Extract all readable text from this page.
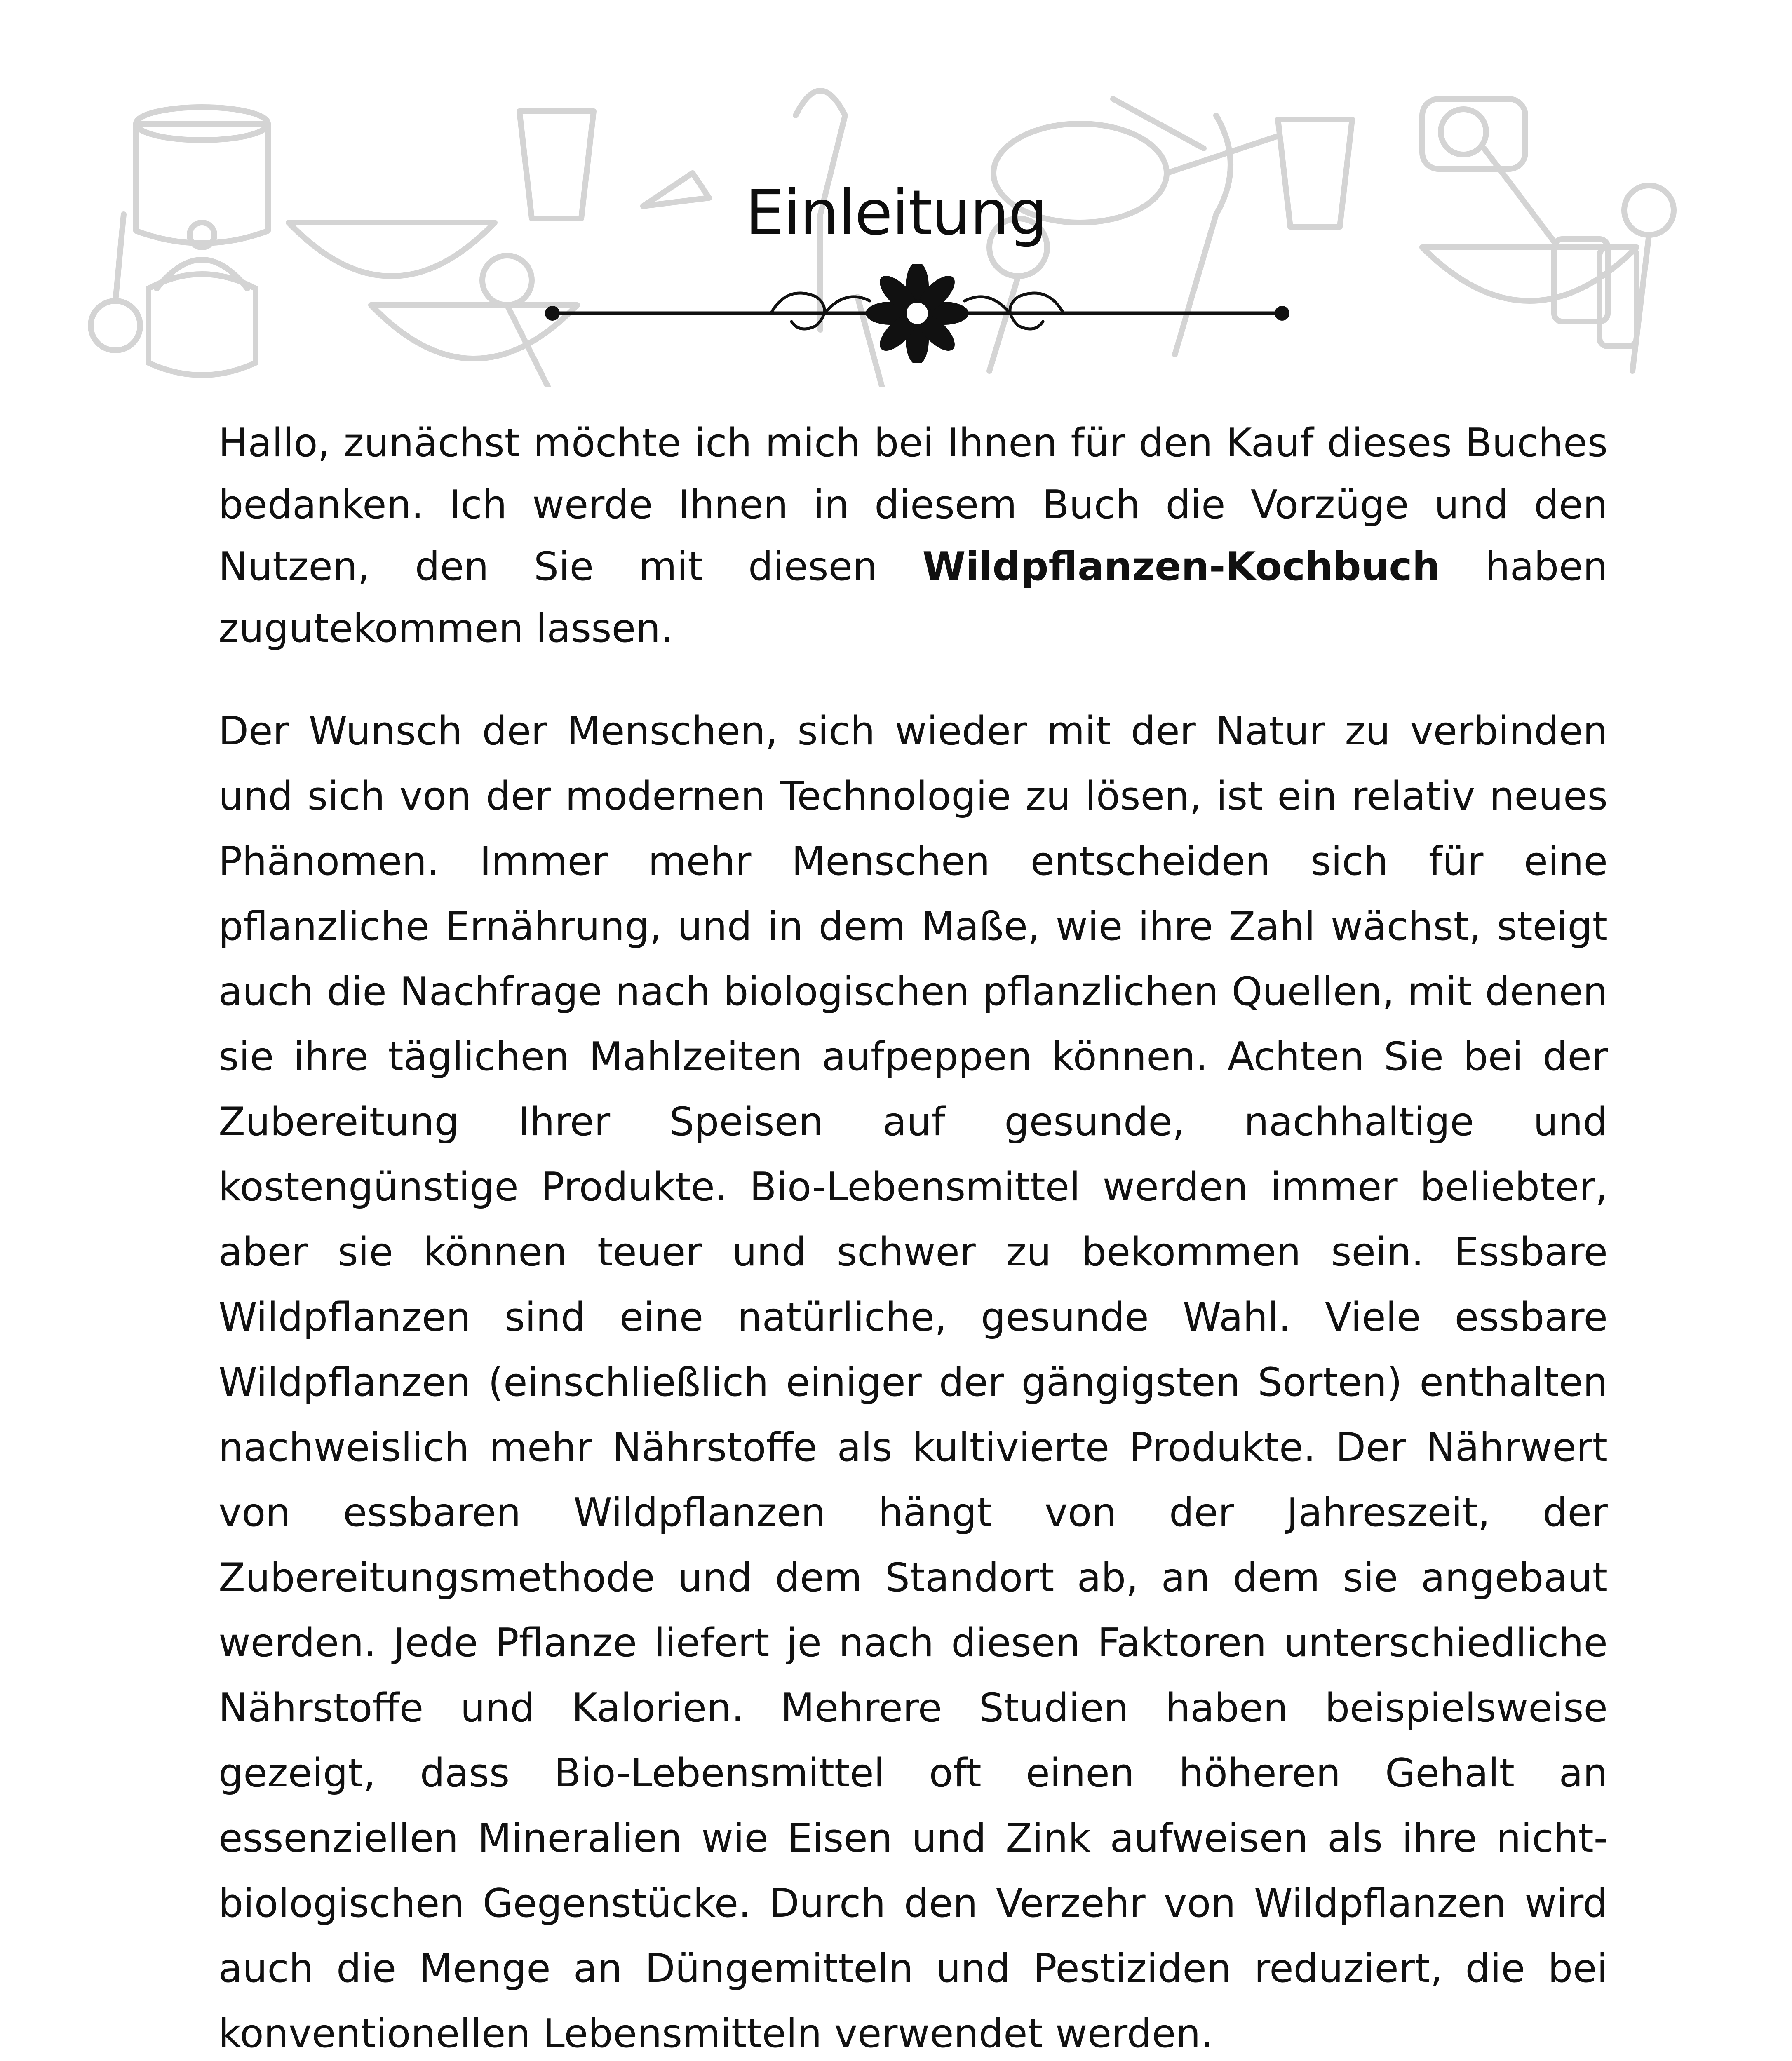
Einleitung

Hallo, zunächst möchte ich mich bei Ihnen für den Kauf dieses Buches bedanken. Ich werde Ihnen in diesem Buch die Vorzüge und den Nutzen, den Sie mit diesen Wildpflanzen-Kochbuch haben zugutekommen lassen.

Der Wunsch der Menschen, sich wieder mit der Natur zu verbinden und sich von der modernen Technologie zu lösen, ist ein relativ neues Phänomen. Immer mehr Menschen entscheiden sich für eine pflanzliche Ernährung, und in dem Maße, wie ihre Zahl wächst, steigt auch die Nachfrage nach biologischen pflanzlichen Quellen, mit denen sie ihre täglichen Mahlzeiten aufpeppen können. Achten Sie bei der Zubereitung Ihrer Speisen auf gesunde, nachhaltige und kostengünstige Produkte. Bio-Lebensmittel werden immer beliebter, aber sie können teuer und schwer zu bekommen sein. Essbare Wildpflanzen sind eine natürliche, gesunde Wahl. Viele essbare Wildpflanzen (einschließlich einiger der gängigsten Sorten) enthalten nachweislich mehr Nährstoffe als kultivierte Produkte. Der Nährwert von essbaren Wildpflanzen hängt von der Jahreszeit, der Zubereitungsmethode und dem Standort ab, an dem sie angebaut werden. Jede Pflanze liefert je nach diesen Faktoren unterschiedliche Nährstoffe und Kalorien. Mehrere Studien haben beispielsweise gezeigt, dass Bio-Lebensmittel oft einen höheren Gehalt an essenziellen Mineralien wie Eisen und Zink aufweisen als ihre nicht-biologischen Gegenstücke. Durch den Verzehr von Wildpflanzen wird auch die Menge an Düngemitteln und Pestiziden reduziert, die bei konventionellen Lebensmitteln verwendet werden.
